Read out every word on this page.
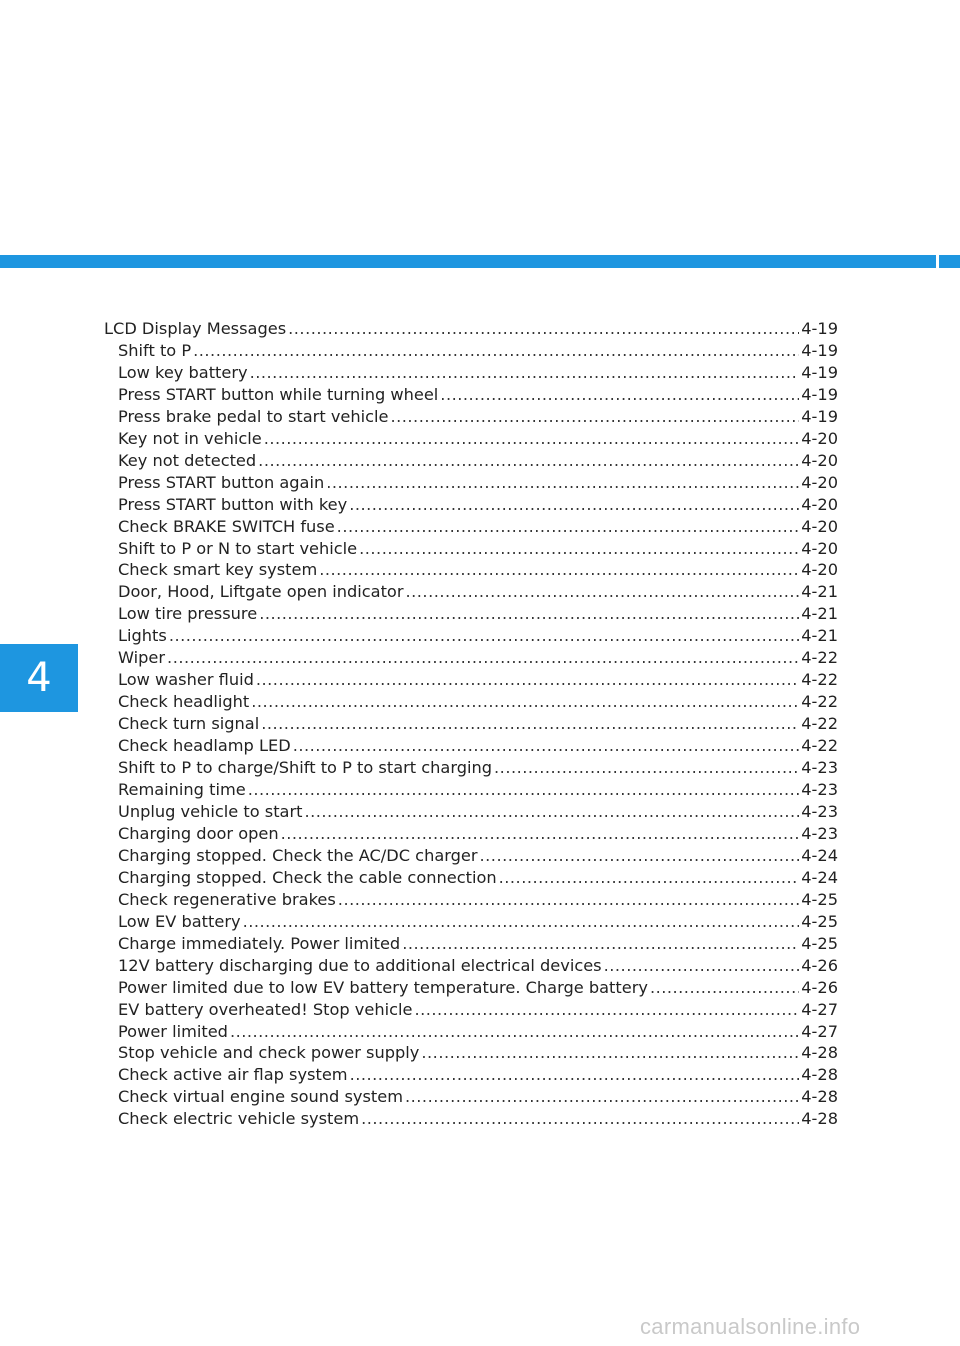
4
LCD Display Messages .....	4-19
Shift to P .....	4-19
Low key battery .....	4-19
Press START button while turning wheel .....	4-19
Press brake pedal to start vehicle .....	4-19
Key not in vehicle .....	4-20
Key not detected .....	4-20
Press START button again .....	4-20
Press START button with key .....	4-20
Check BRAKE SWITCH fuse .....	4-20
Shift to P or N to start vehicle .....	4-20
Check smart key system .....	4-20
Door, Hood, Liftgate open indicator .....	4-21
Low tire pressure .....	4-21
Lights .....	4-21
Wiper .....	4-22
Low washer fluid .....	4-22
Check headlight .....	4-22
Check turn signal .....	4-22
Check headlamp LED .....	4-22
Shift to P to charge/Shift to P to start charging .....	4-23
Remaining time .....	4-23
Unplug vehicle to start .....	4-23
Charging door open .....	4-23
Charging stopped. Check the AC/DC charger .....	4-24
Charging stopped. Check the cable connection .....	4-24
Check regenerative brakes .....	4-25
Low EV battery .....	4-25
Charge immediately. Power limited .....	4-25
12V battery discharging due to additional electrical devices .....	4-26
Power limited due to low EV battery temperature. Charge battery .....	4-26
EV battery overheated! Stop vehicle .....	4-27
Power limited .....	4-27
Stop vehicle and check power supply .....	4-28
Check active air flap system .....	4-28
Check virtual engine sound system .....	4-28
Check electric vehicle system .....	4-28
carmanualsonline.info
